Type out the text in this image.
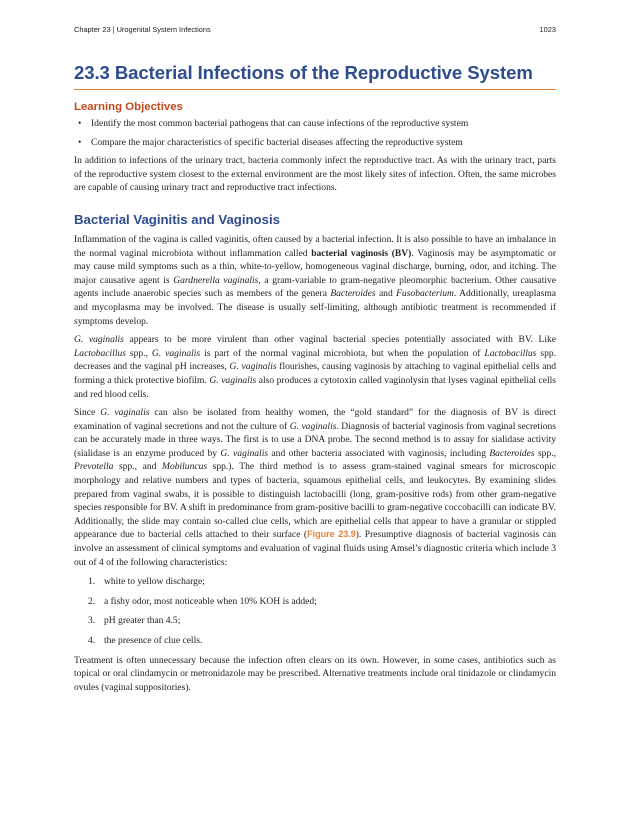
Chapter 23 | Urogenital System Infections	1023
23.3 Bacterial Infections of the Reproductive System
Learning Objectives
• Identify the most common bacterial pathogens that can cause infections of the reproductive system
• Compare the major characteristics of specific bacterial diseases affecting the reproductive system

In addition to infections of the urinary tract, bacteria commonly infect the reproductive tract. As with the urinary tract, parts of the reproductive system closest to the external environment are the most likely sites of infection. Often, the same microbes are capable of causing urinary tract and reproductive tract infections.

Bacterial Vaginitis and Vaginosis

Inflammation of the vagina is called vaginitis, often caused by a bacterial infection. It is also possible to have an imbalance in the normal vaginal microbiota without inflammation called bacterial vaginosis (BV). Vaginosis may be asymptomatic or may cause mild symptoms such as a thin, white-to-yellow, homogeneous vaginal discharge, burning, odor, and itching. The major causative agent is Gardnerella vaginalis, a gram-variable to gram-negative pleomorphic bacterium. Other causative agents include anaerobic species such as members of the genera Bacteroides and Fusobacterium. Additionally, ureaplasma and mycoplasma may be involved. The disease is usually self-limiting, although antibiotic treatment is recommended if symptoms develop.

G. vaginalis appears to be more virulent than other vaginal bacterial species potentially associated with BV. Like Lactobacillus spp., G. vaginalis is part of the normal vaginal microbiota, but when the population of Lactobacillus spp. decreases and the vaginal pH increases, G. vaginalis flourishes, causing vaginosis by attaching to vaginal epithelial cells and forming a thick protective biofilm. G. vaginalis also produces a cytotoxin called vaginolysin that lyses vaginal epithelial cells and red blood cells.

Since G. vaginalis can also be isolated from healthy women, the “gold standard” for the diagnosis of BV is direct examination of vaginal secretions and not the culture of G. vaginalis. Diagnosis of bacterial vaginosis from vaginal secretions can be accurately made in three ways. The first is to use a DNA probe. The second method is to assay for sialidase activity (sialidase is an enzyme produced by G. vaginalis and other bacteria associated with vaginosis, including Bacteroides spp., Prevotella spp., and Mobiluncus spp.). The third method is to assess gram-stained vaginal smears for microscopic morphology and relative numbers and types of bacteria, squamous epithelial cells, and leukocytes. By examining slides prepared from vaginal swabs, it is possible to distinguish lactobacilli (long, gram-positive rods) from other gram-negative species responsible for BV. A shift in predominance from gram-positive bacilli to gram-negative coccobacilli can indicate BV. Additionally, the slide may contain so-called clue cells, which are epithelial cells that appear to have a granular or stippled appearance due to bacterial cells attached to their surface (Figure 23.9). Presumptive diagnosis of bacterial vaginosis can involve an assessment of clinical symptoms and evaluation of vaginal fluids using Amsel’s diagnostic criteria which include 3 out of 4 of the following characteristics:

1. white to yellow discharge;
2. a fishy odor, most noticeable when 10% KOH is added;
3. pH greater than 4.5;
4. the presence of clue cells.

Treatment is often unnecessary because the infection often clears on its own. However, in some cases, antibiotics such as topical or oral clindamycin or metronidazole may be prescribed. Alternative treatments include oral tinidazole or clindamycin ovules (vaginal suppositories).
